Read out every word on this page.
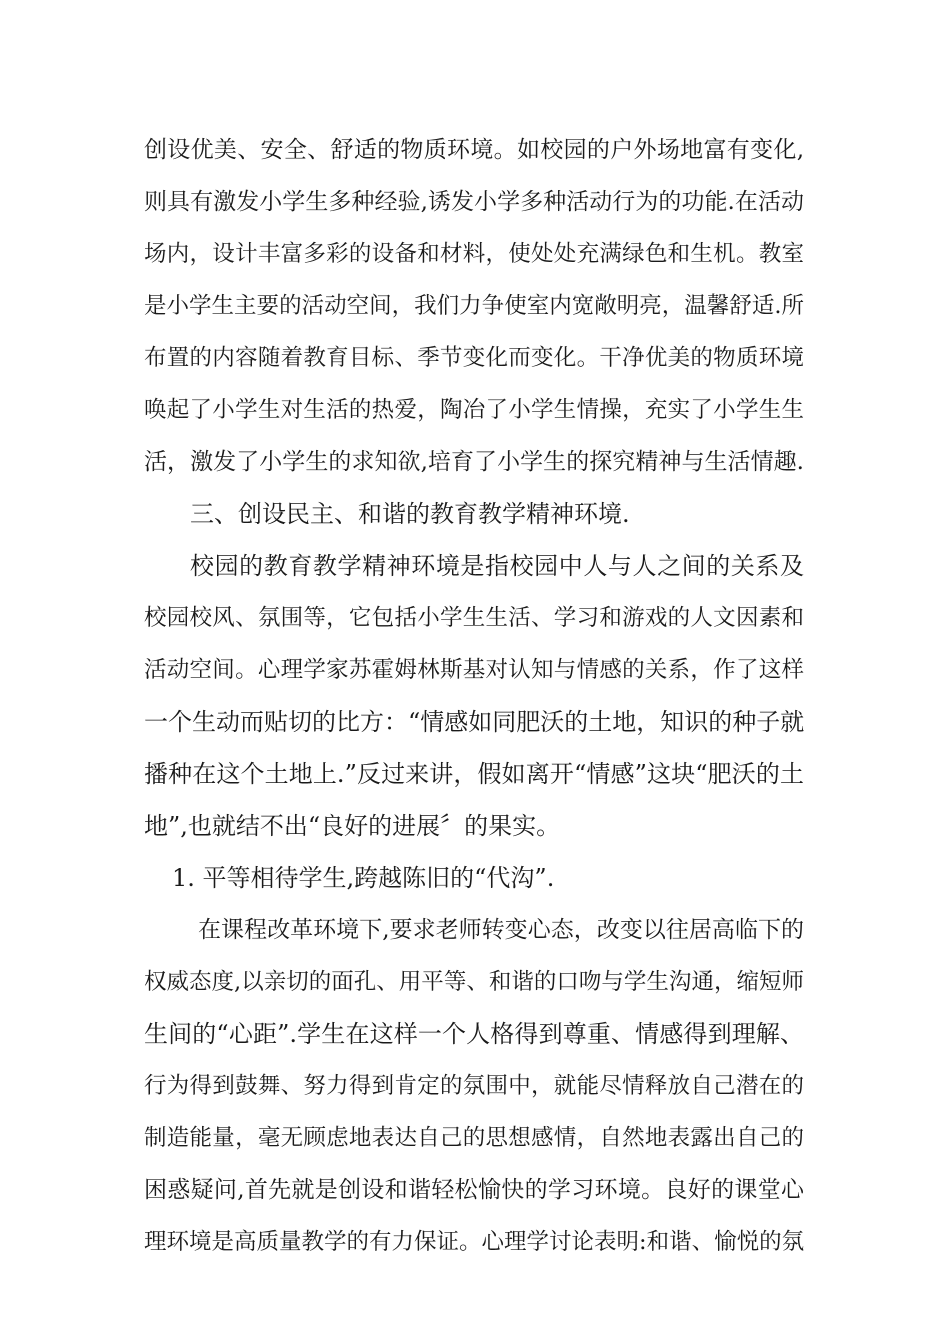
创设优美、安全、舒适的物质环境。如校园的户外场地富有变化,
则具有激发小学生多种经验,诱发小学多种活动行为的功能.在活动
场内，设计丰富多彩的设备和材料，使处处充满绿色和生机。教室
是小学生主要的活动空间，我们力争使室内宽敞明亮，温馨舒适.所
布置的内容随着教育目标、季节变化而变化。干净优美的物质环境
唤起了小学生对生活的热爱，陶冶了小学生情操，充实了小学生生
活，激发了小学生的求知欲,培育了小学生的探究精神与生活情趣.
三、创设民主、和谐的教育教学精神环境.
校园的教育教学精神环境是指校园中人与人之间的关系及
校园校风、氛围等，它包括小学生生活、学习和游戏的人文因素和
活动空间。心理学家苏霍姆林斯基对认知与情感的关系，作了这样
一个生动而贴切的比方：“情感如同肥沃的土地，知识的种子就
播种在这个土地上.”反过来讲，假如离开“情感”这块“肥沃的土
地”,也就结不出“良好的进展〞的果实。
1. 平等相待学生,跨越陈旧的“代沟”.
在课程改革环境下,要求老师转变心态，改变以往居高临下的
权威态度,以亲切的面孔、用平等、和谐的口吻与学生沟通，缩短师
生间的“心距”.学生在这样一个人格得到尊重、情感得到理解、
行为得到鼓舞、努力得到肯定的氛围中，就能尽情释放自己潜在的
制造能量，毫无顾虑地表达自己的思想感情，自然地表露出自己的
困惑疑问,首先就是创设和谐轻松愉快的学习环境。良好的课堂心
理环境是高质量教学的有力保证。心理学讨论表明:和谐、愉悦的氛
